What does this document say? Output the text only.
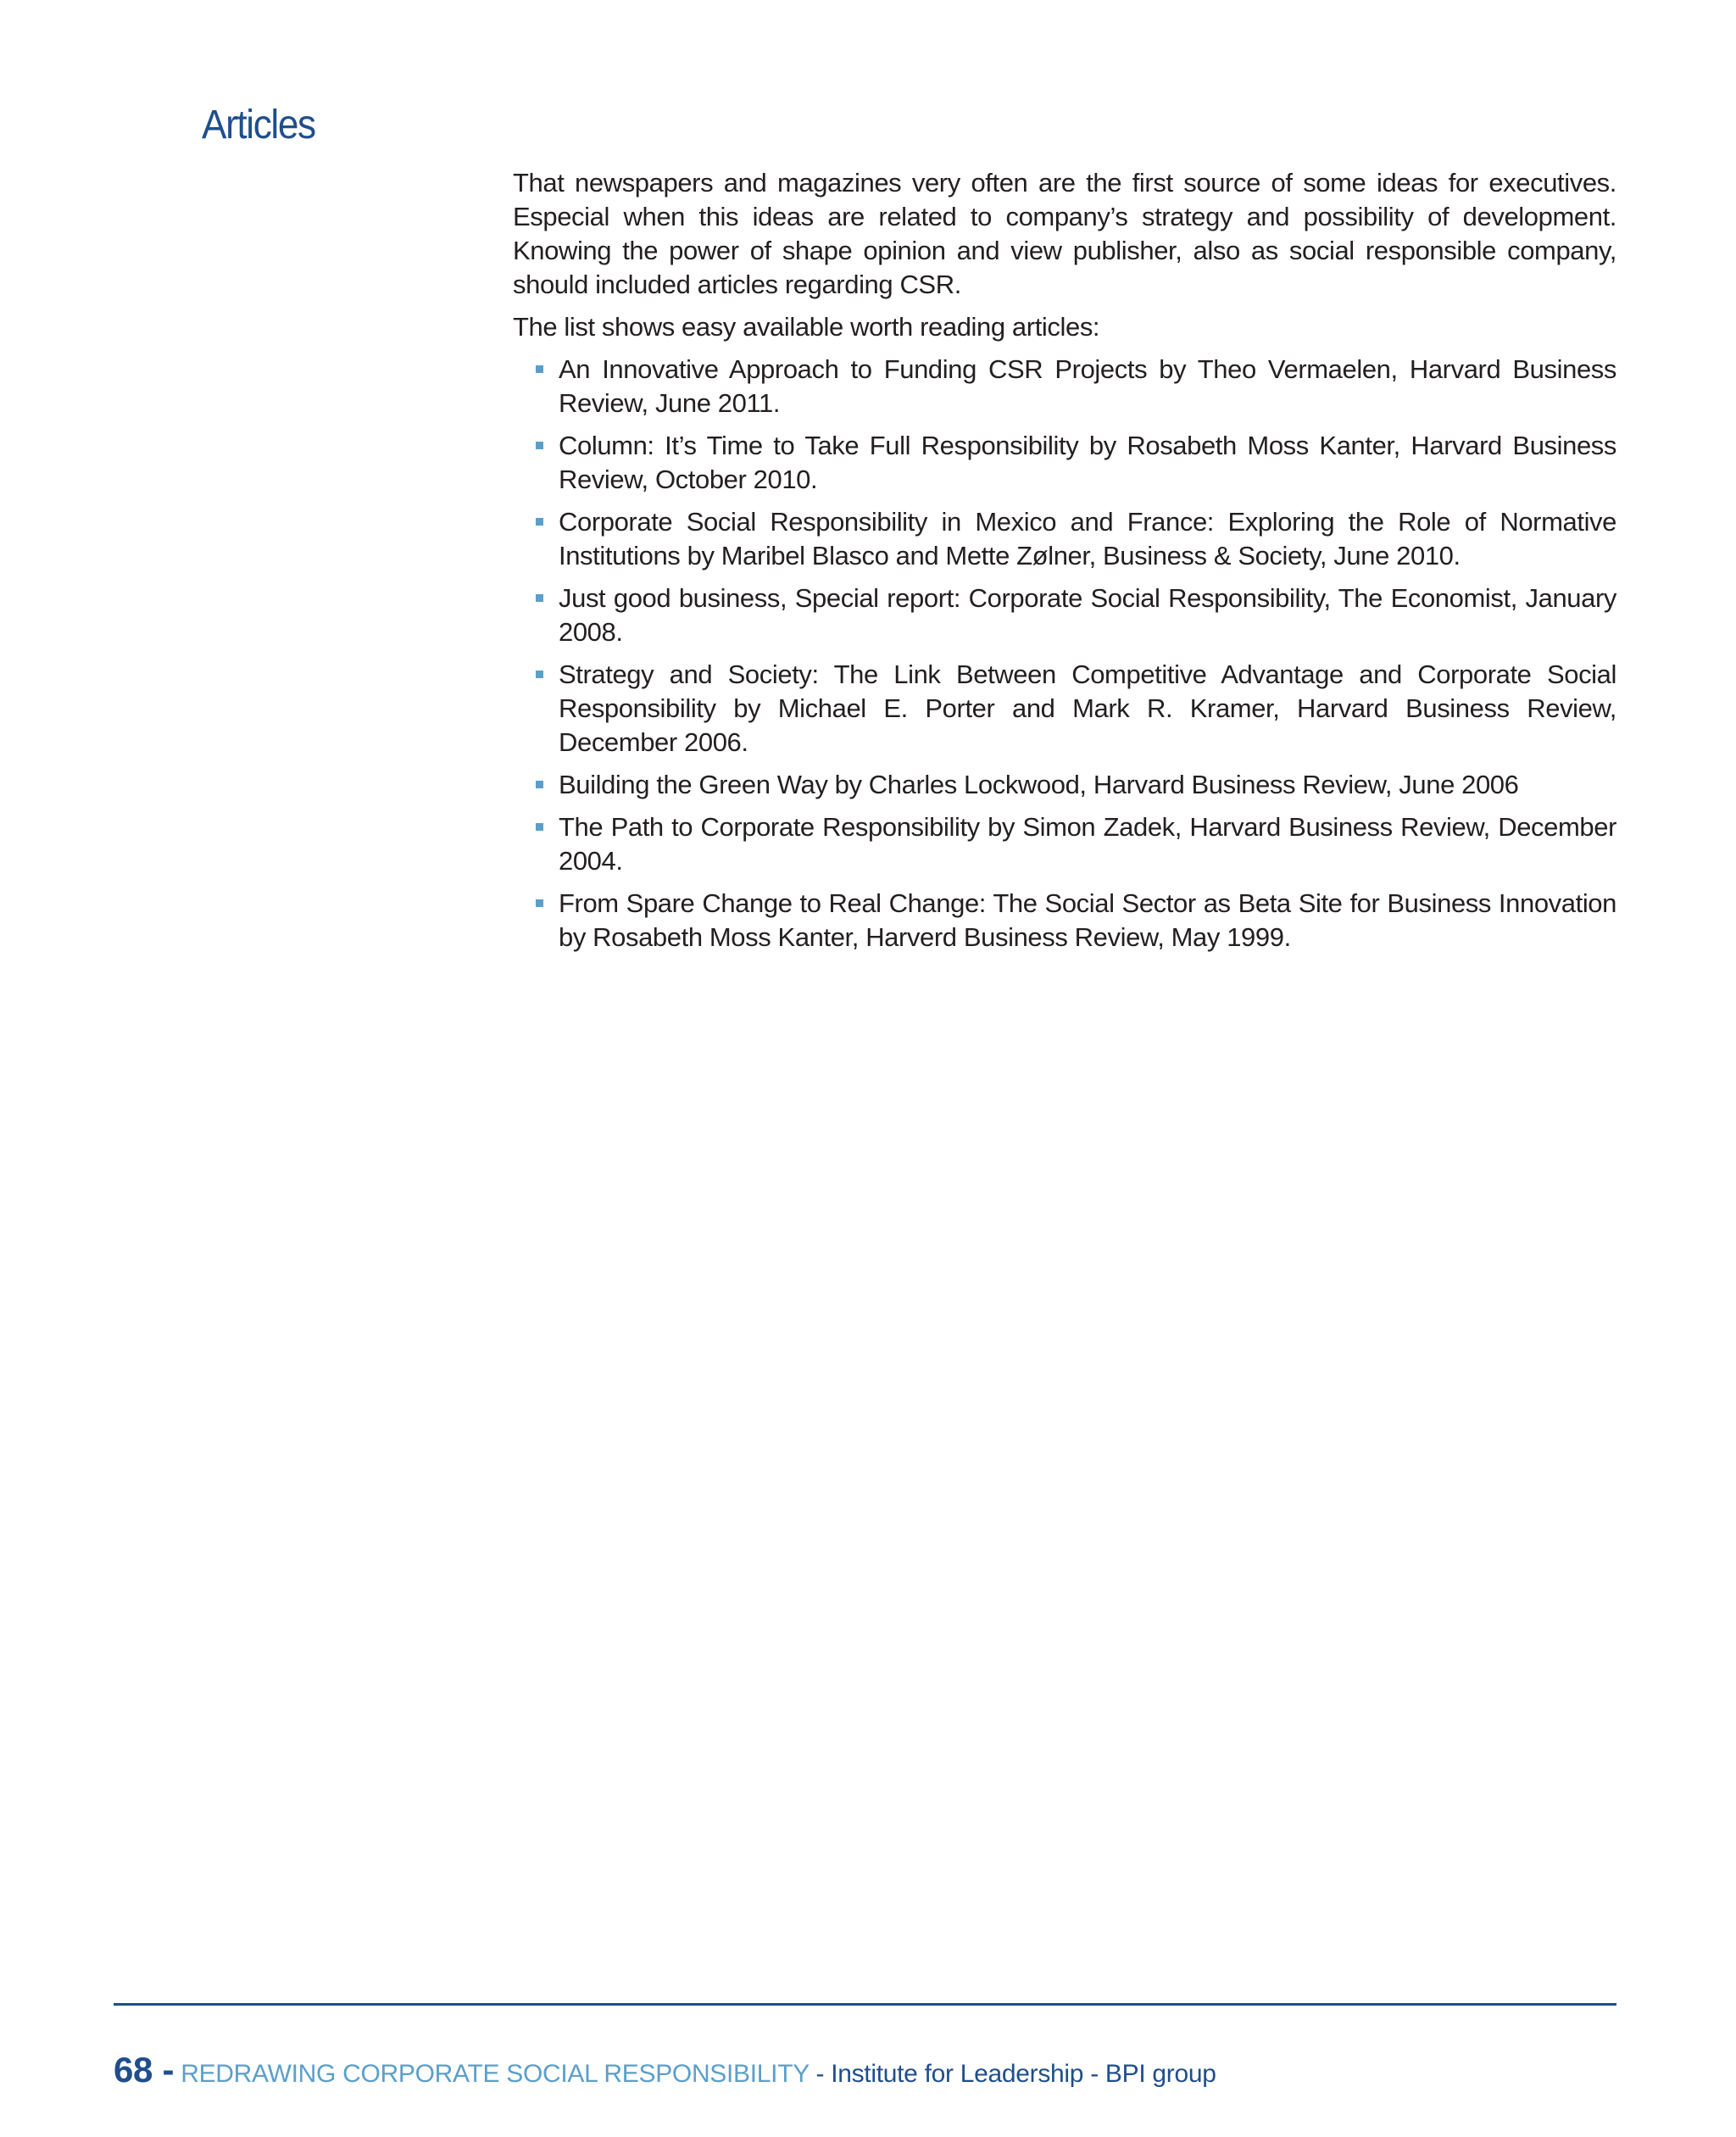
Articles

That newspapers and magazines very often are the first source of some ideas for executives. Especial when this ideas are related to company’s strategy and possibility of development. Knowing the power of shape opinion and view publisher, also as social responsible company, should included articles regarding CSR.

The list shows easy available worth reading articles:

An Innovative Approach to Funding CSR Projects by Theo Vermaelen, Harvard Business Review, June 2011.
Column: It’s Time to Take Full Responsibility by Rosabeth Moss Kanter, Harvard Business Review, October 2010.
Corporate Social Responsibility in Mexico and France: Exploring the Role of Normative Institutions by Maribel Blasco and Mette Zølner, Business & Society, June 2010.
Just good business, Special report: Corporate Social Responsibility, The Economist, January 2008.
Strategy and Society: The Link Between Competitive Advantage and Corporate Social Responsibility by Michael E. Porter and Mark R. Kramer, Harvard Business Review, December 2006.
Building the Green Way by Charles Lockwood, Harvard Business Review, June 2006
The Path to Corporate Responsibility by Simon Zadek, Harvard Business Review, December 2004.
From Spare Change to Real Change: The Social Sector as Beta Site for Business Innovation by Rosabeth Moss Kanter, Harverd Business Review, May 1999.
68 - REDRAWING CORPORATE SOCIAL RESPONSIBILITY - Institute for Leadership - BPI group
